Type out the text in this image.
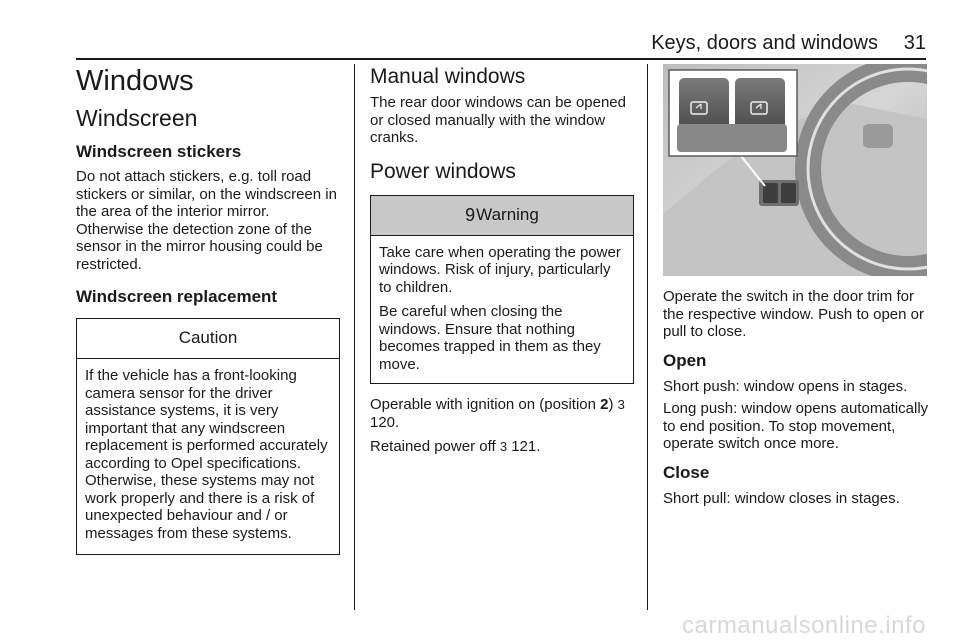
Keys, doors and windows 31
Windows
Windscreen
Windscreen stickers
Do not attach stickers, e.g. toll road stickers or similar, on the windscreen in the area of the interior mirror. Otherwise the detection zone of the sensor in the mirror housing could be restricted.
Windscreen replacement
Caution
If the vehicle has a front-looking camera sensor for the driver assistance systems, it is very important that any windscreen replacement is performed accurately according to Opel specifications. Otherwise, these systems may not work properly and there is a risk of unexpected behaviour and / or messages from these systems.
Manual windows
The rear door windows can be opened or closed manually with the window cranks.
Power windows
9Warning
Take care when operating the power windows. Risk of injury, particularly to children.
Be careful when closing the windows. Ensure that nothing becomes trapped in them as they move.
Operable with ignition on (position 2) 3 120.
Retained power off 3 121.
Operate the switch in the door trim for the respective window. Push to open or pull to close.
Open
Short push: window opens in stages.
Long push: window opens automatically to end position. To stop movement, operate switch once more.
Close
Short pull: window closes in stages.
carmanualsonline.info
